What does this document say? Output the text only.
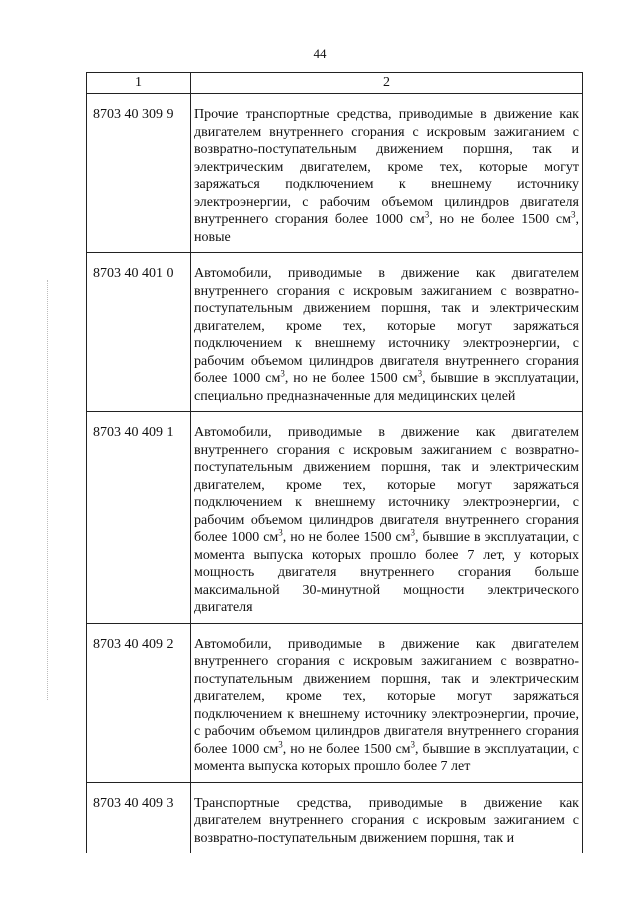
44
1	2
8703 40 309 9	Прочие транспортные средства, приводимые в движение как двигателем внутреннего сгорания с искровым зажиганием с возвратно-поступательным движением поршня, так и электрическим двигателем, кроме тех, которые могут заряжаться подключением к внешнему источнику электроэнергии, с рабочим объемом цилиндров двигателя внутреннего сгорания более 1000 $см^3$, но не более 1500 $см^3$, новые
8703 40 401 0	Автомобили, приводимые в движение как двигателем внутреннего сгорания с искровым зажиганием с возвратно-поступательным движением поршня, так и электрическим двигателем, кроме тех, которые могут заряжаться подключением к внешнему источнику электроэнергии, с рабочим объемом цилиндров двигателя внутреннего сгорания более 1000 $см^3$, но не более 1500 $см^3$, бывшие в эксплуатации, специально предназначенные для медицинских целей
8703 40 409 1	Автомобили, приводимые в движение как двигателем внутреннего сгорания с искровым зажиганием с возвратно-поступательным движением поршня, так и электрическим двигателем, кроме тех, которые могут заряжаться подключением к внешнему источнику электроэнергии, с рабочим объемом цилиндров двигателя внутреннего сгорания более 1000 $см^3$, но не более 1500 $см^3$, бывшие в эксплуатации, с момента выпуска которых прошло более 7 лет, у которых мощность двигателя внутреннего сгорания больше максимальной 30-минутной мощности электрического двигателя
8703 40 409 2	Автомобили, приводимые в движение как двигателем внутреннего сгорания с искровым зажиганием с возвратно-поступательным движением поршня, так и электрическим двигателем, кроме тех, которые могут заряжаться подключением к внешнему источнику электроэнергии, прочие, с рабочим объемом цилиндров двигателя внутреннего сгорания более 1000 $см^3$, но не более 1500 $см^3$, бывшие в эксплуатации, с момента выпуска которых прошло более 7 лет
8703 40 409 3	Транспортные средства, приводимые в движение как двигателем внутреннего сгорания с искровым зажиганием с возвратно-поступательным движением поршня, так и
